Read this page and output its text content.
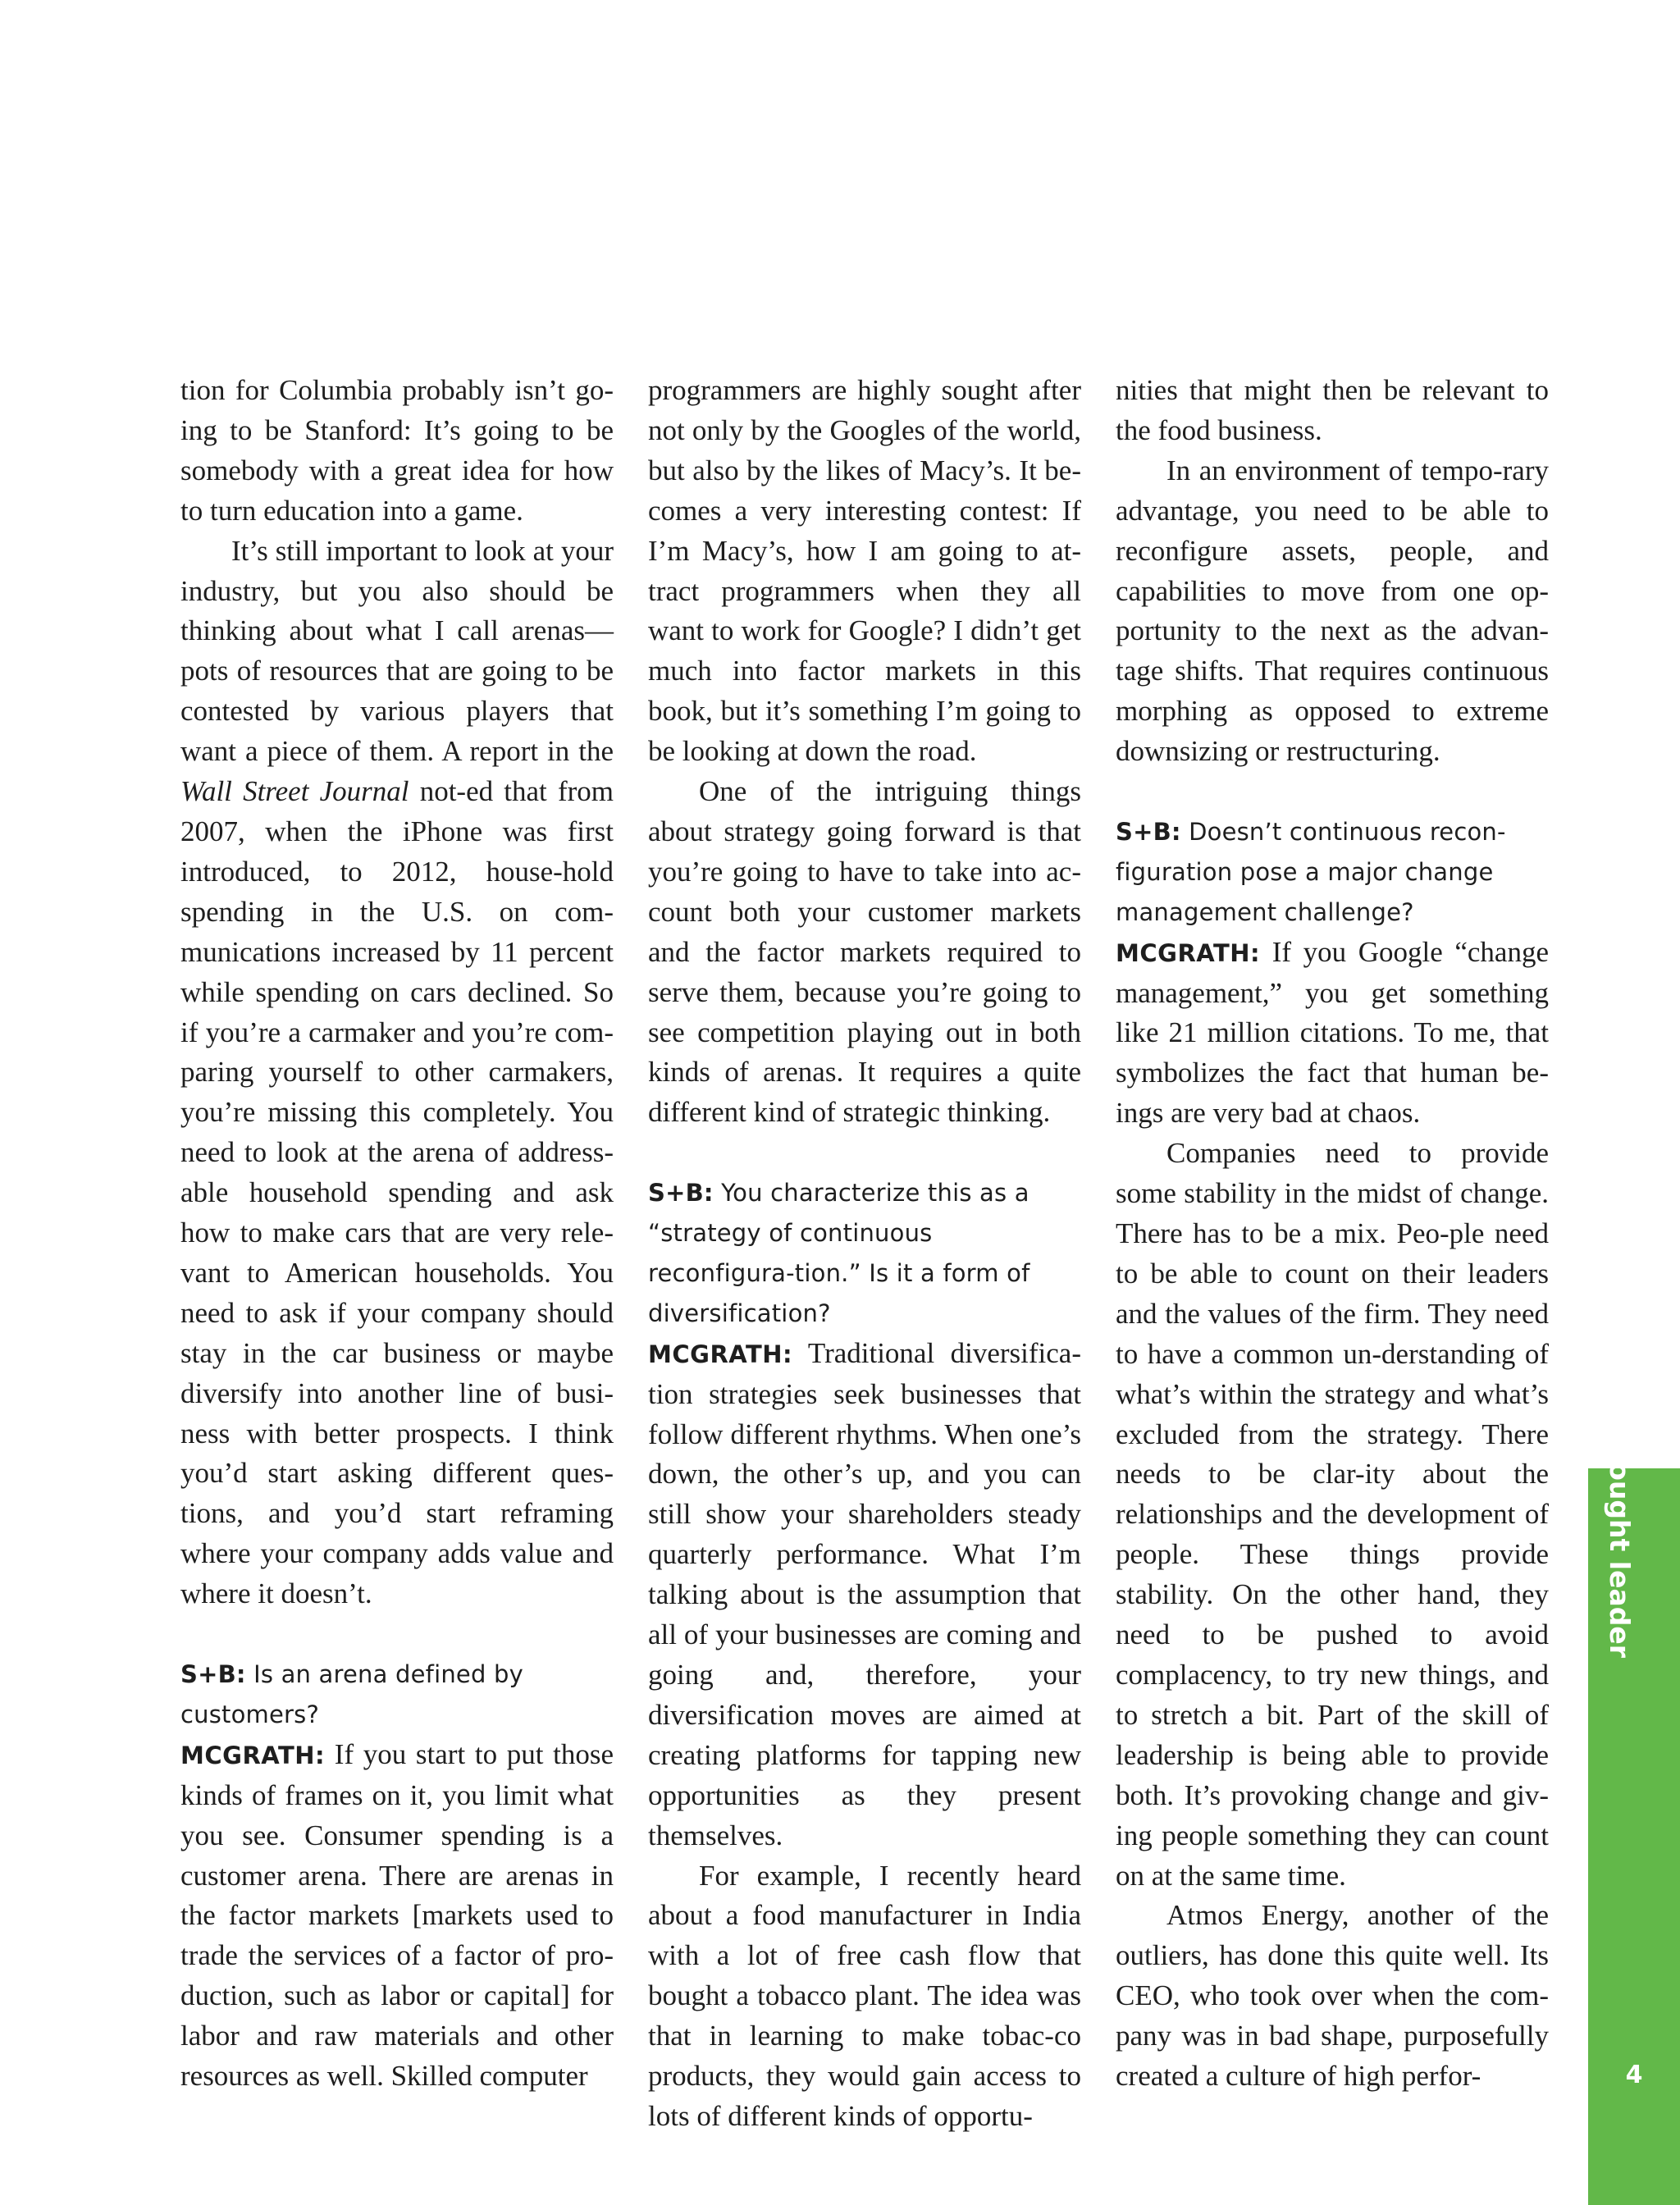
tion for Columbia probably isn’t go-ing to be Stanford: It’s going to be somebody with a great idea for how to turn education into a game.

It’s still important to look at your industry, but you also should be thinking about what I call arenas—pots of resources that are going to be contested by various players that want a piece of them. A report in the Wall Street Journal not-ed that from 2007, when the iPhone was first introduced, to 2012, house-hold spending in the U.S. on com-munications increased by 11 percent while spending on cars declined. So if you’re a carmaker and you’re com-paring yourself to other carmakers, you’re missing this completely. You need to look at the arena of address-able household spending and ask how to make cars that are very rele-vant to American households. You need to ask if your company should stay in the car business or maybe diversify into another line of busi-ness with better prospects. I think you’d start asking different ques-tions, and you’d start reframing where your company adds value and where it doesn’t.

S+B: Is an arena defined by customers?

MCGRATH: If you start to put those kinds of frames on it, you limit what you see. Consumer spending is a customer arena. There are arenas in the factor markets [markets used to trade the services of a factor of pro-duction, such as labor or capital] for labor and raw materials and other resources as well. Skilled computer

programmers are highly sought after not only by the Googles of the world, but also by the likes of Macy’s. It be-comes a very interesting contest: If I’m Macy’s, how I am going to at-tract programmers when they all want to work for Google? I didn’t get much into factor markets in this book, but it’s something I’m going to be looking at down the road.

One of the intriguing things about strategy going forward is that you’re going to have to take into ac-count both your customer markets and the factor markets required to serve them, because you’re going to see competition playing out in both kinds of arenas. It requires a quite different kind of strategic thinking.

S+B: You characterize this as a “strategy of continuous reconfigura-tion.” Is it a form of diversification?

MCGRATH: Traditional diversifica-tion strategies seek businesses that follow different rhythms. When one’s down, the other’s up, and you can still show your shareholders steady quarterly performance. What I’m talking about is the assumption that all of your businesses are coming and going and, therefore, your diversification moves are aimed at creating platforms for tapping new opportunities as they present themselves.

For example, I recently heard about a food manufacturer in India with a lot of free cash flow that bought a tobacco plant. The idea was that in learning to make tobac-co products, they would gain access to lots of different kinds of opportu-

nities that might then be relevant to the food business.

In an environment of tempo-rary advantage, you need to be able to reconfigure assets, people, and capabilities to move from one op-portunity to the next as the advan-tage shifts. That requires continuous morphing as opposed to extreme downsizing or restructuring.

S+B: Doesn’t continuous recon-figuration pose a major change management challenge?

MCGRATH: If you Google “change management,” you get something like 21 million citations. To me, that symbolizes the fact that human be-ings are very bad at chaos.

Companies need to provide some stability in the midst of change. There has to be a mix. Peo-ple need to be able to count on their leaders and the values of the firm. They need to have a common un-derstanding of what’s within the strategy and what’s excluded from the strategy. There needs to be clar-ity about the relationships and the development of people. These things provide stability. On the other hand, they need to be pushed to avoid complacency, to try new things, and to stretch a bit. Part of the skill of leadership is being able to provide both. It’s provoking change and giv-ing people something they can count on at the same time.

Atmos Energy, another of the outliers, has done this quite well. Its CEO, who took over when the com-pany was in bad shape, purposefully created a culture of high perfor-

thought leader
4
